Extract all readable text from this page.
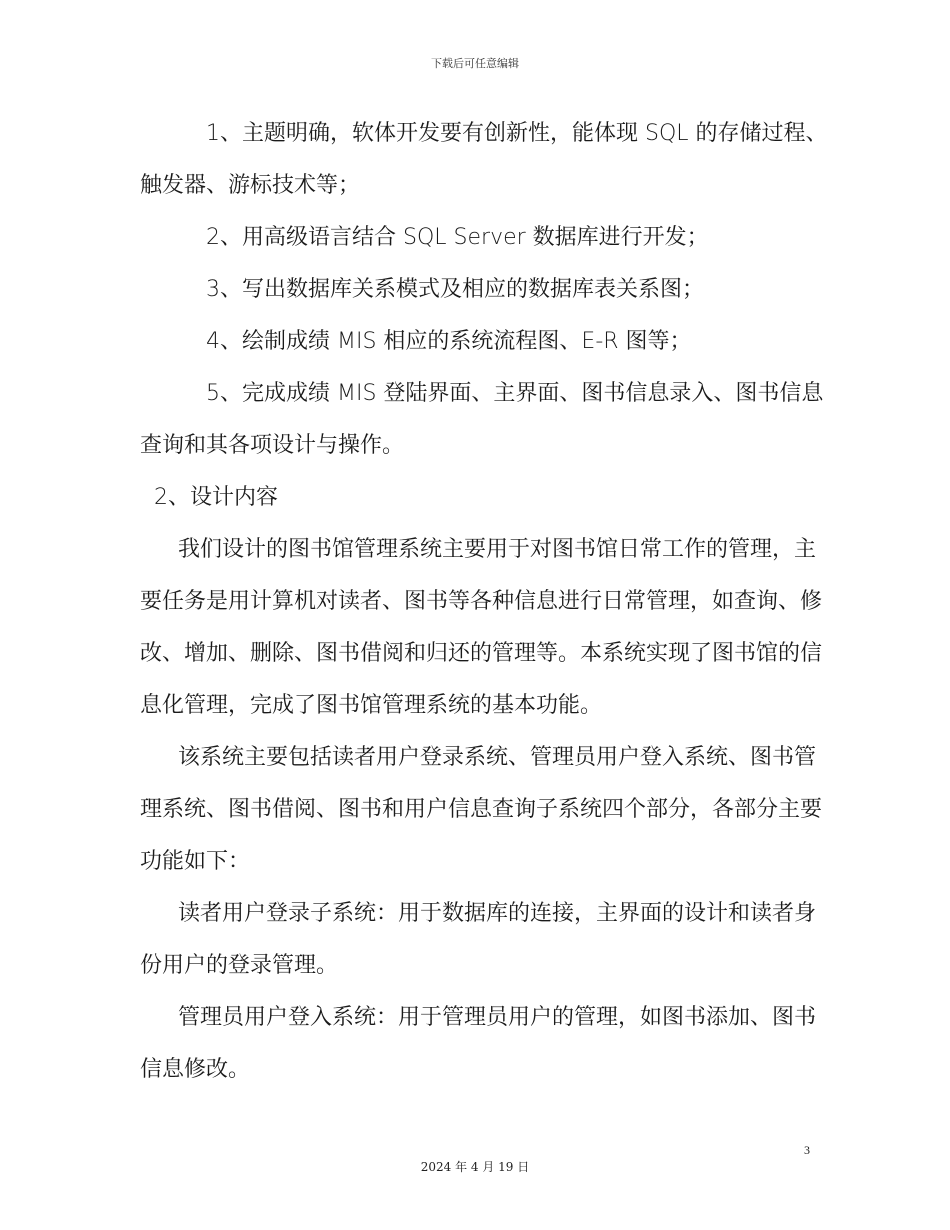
下载后可任意编辑

1、主题明确，软体开发要有创新性，能体现 SQL 的存储过程、触发器、游标技术等；

2、用高级语言结合 SQL Server 数据库进行开发；

3、写出数据库关系模式及相应的数据库表关系图；

4、绘制成绩 MIS 相应的系统流程图、E-R 图等；

5、完成成绩 MIS 登陆界面、主界面、图书信息录入、图书信息查询和其各项设计与操作。

2、设计内容

我们设计的图书馆管理系统主要用于对图书馆日常工作的管理，主要任务是用计算机对读者、图书等各种信息进行日常管理，如查询、修改、增加、删除、图书借阅和归还的管理等。本系统实现了图书馆的信息化管理，完成了图书馆管理系统的基本功能。

该系统主要包括读者用户登录系统、管理员用户登入系统、图书管理系统、图书借阅、图书和用户信息查询子系统四个部分，各部分主要功能如下：

读者用户登录子系统：用于数据库的连接，主界面的设计和读者身份用户的登录管理。

管理员用户登入系统：用于管理员用户的管理，如图书添加、图书信息修改。

3
2024 年 4 月 19 日
